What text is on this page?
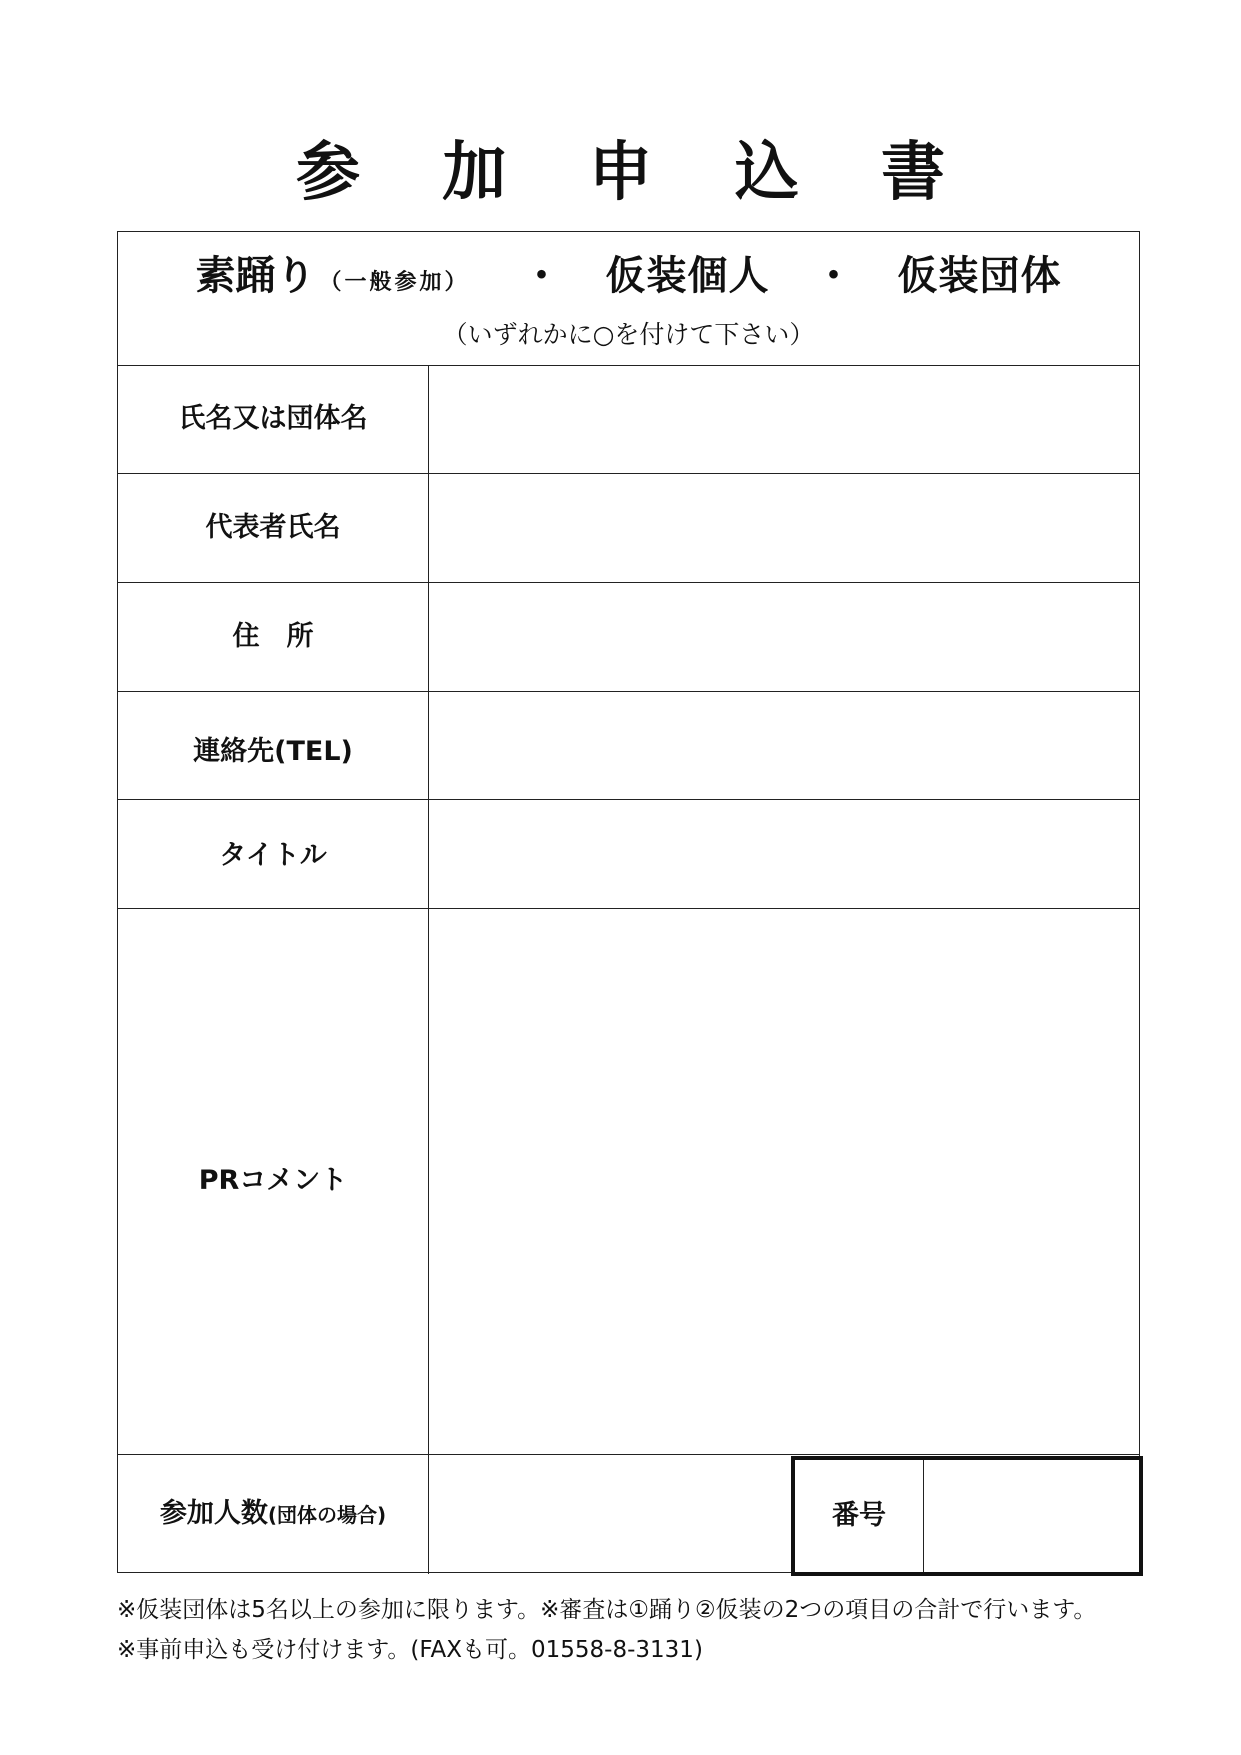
参 加 申 込 書
素踊り （一般参加） ・ 仮装個人 ・ 仮装団体
（いずれかに○を付けて下さい）
氏名又は団体名
代表者氏名
住　所
連絡先(TEL)
タイトル
PRコメント
参加人数(団体の場合)	番号
※仮装団体は5名以上の参加に限ります。※審査は①踊り②仮装の2つの項目の合計で行います。
※事前申込も受け付けます。(FAXも可。01558-8-3131)
